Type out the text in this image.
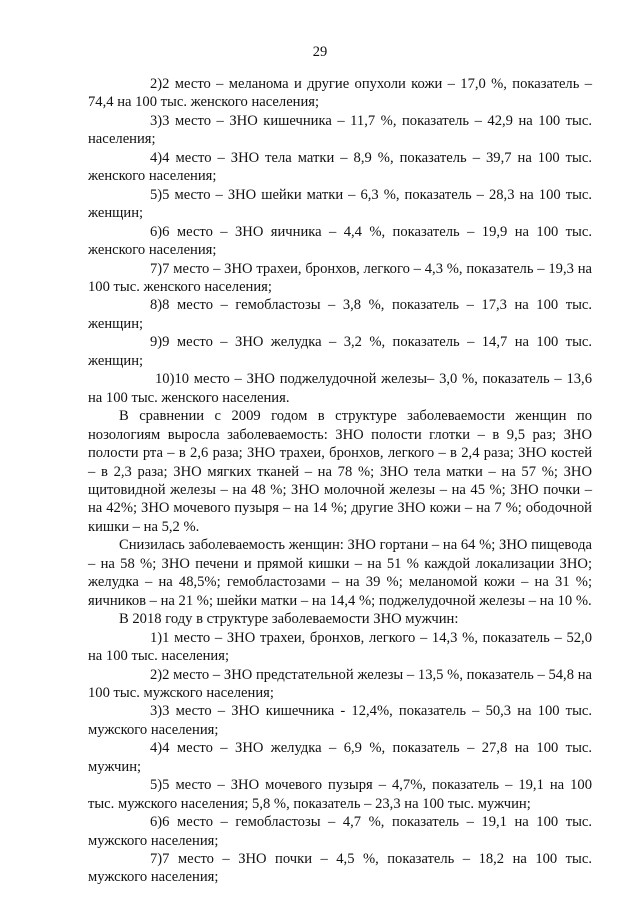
29

2)2 место – меланома и другие опухоли кожи – 17,0 %, показатель – 74,4 на 100 тыс. женского населения;

3)3 место – ЗНО кишечника – 11,7 %, показатель – 42,9 на 100 тыс. населения;

4)4 место – ЗНО тела матки – 8,9 %, показатель – 39,7 на 100 тыс. женского населения;

5)5 место – ЗНО шейки матки – 6,3 %, показатель – 28,3 на 100 тыс. женщин;

6)6 место – ЗНО яичника – 4,4 %, показатель – 19,9 на 100 тыс. женского населения;

7)7 место – ЗНО трахеи, бронхов, легкого – 4,3 %, показатель – 19,3 на 100 тыс. женского населения;

8)8 место – гемобластозы – 3,8 %, показатель – 17,3 на 100 тыс. женщин;

9)9 место – ЗНО желудка – 3,2 %, показатель – 14,7 на 100 тыс. женщин;

10)10 место – ЗНО поджелудочной железы– 3,0 %, показатель – 13,6 на 100 тыс. женского населения.

В сравнении с 2009 годом в структуре заболеваемости женщин по нозологиям выросла заболеваемость: ЗНО полости глотки – в 9,5 раз; ЗНО полости рта – в 2,6 раза; ЗНО трахеи, бронхов, легкого – в 2,4 раза; ЗНО костей – в 2,3 раза; ЗНО мягких тканей – на 78 %; ЗНО тела матки – на 57 %; ЗНО щитовидной железы – на 48 %; ЗНО молочной железы – на 45 %; ЗНО почки – на 42%; ЗНО мочевого пузыря – на 14 %; другие ЗНО кожи – на 7 %; ободочной кишки – на 5,2 %.

Снизилась заболеваемость женщин: ЗНО гортани – на 64 %; ЗНО пищевода – на 58 %; ЗНО печени и прямой кишки – на 51 % каждой локализации ЗНО; желудка – на 48,5%; гемобластозами – на 39 %; меланомой кожи – на 31 %; яичников – на 21 %; шейки матки – на 14,4 %; поджелудочной железы – на 10 %.

В 2018 году в структуре заболеваемости ЗНО мужчин:

1)1 место – ЗНО трахеи, бронхов, легкого – 14,3 %, показатель – 52,0 на 100 тыс. населения;

2)2 место – ЗНО предстательной железы – 13,5 %, показатель – 54,8 на 100 тыс. мужского населения;

3)3 место – ЗНО кишечника - 12,4%, показатель – 50,3 на 100 тыс. мужского населения;

4)4 место – ЗНО желудка – 6,9 %, показатель – 27,8 на 100 тыс. мужчин;

5)5 место – ЗНО мочевого пузыря – 4,7%, показатель – 19,1 на 100 тыс. мужского населения; 5,8 %, показатель – 23,3 на 100 тыс. мужчин;

6)6 место – гемобластозы – 4,7 %, показатель – 19,1 на 100 тыс. мужского населения;

7)7 место – ЗНО почки – 4,5 %, показатель – 18,2 на 100 тыс. мужского населения;
